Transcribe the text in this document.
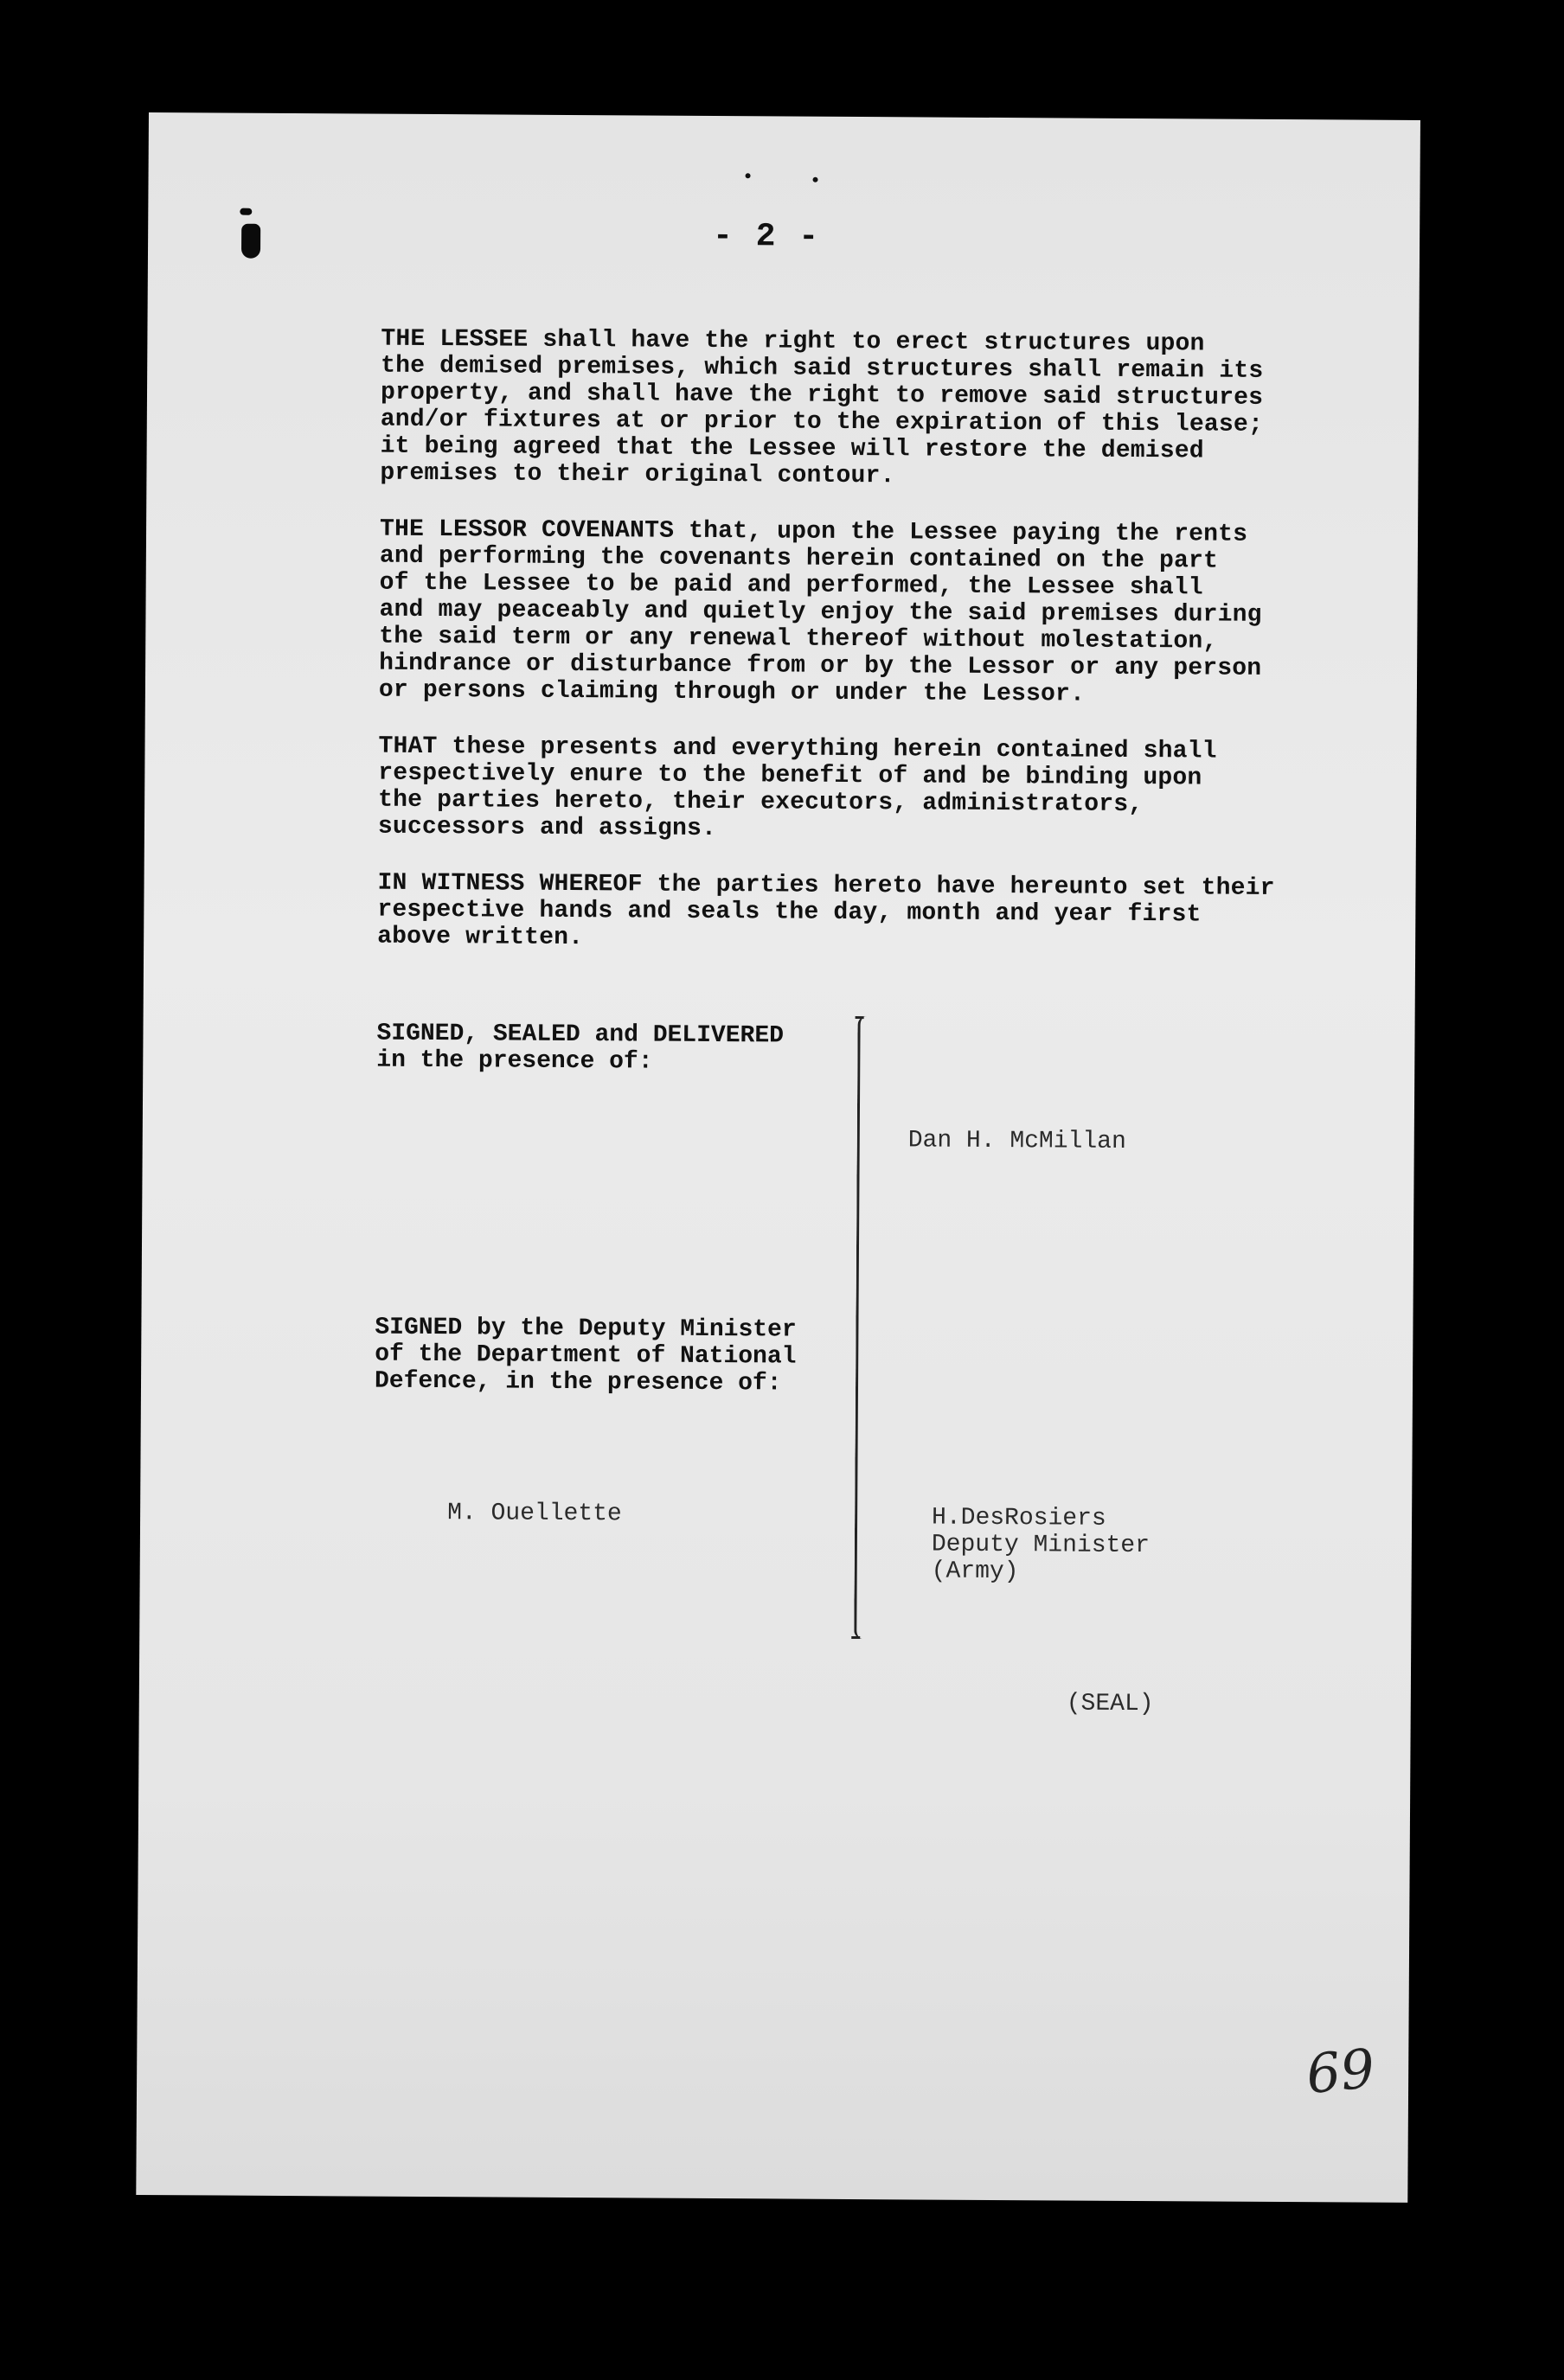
- 2 -

THE LESSEE shall have the right to erect structures upon
the demised premises, which said structures shall remain its
property, and shall have the right to remove said structures
and/or fixtures at or prior to the expiration of this lease;
it being agreed that the Lessee will restore the demised
premises to their original contour.

THE LESSOR COVENANTS that, upon the Lessee paying the rents
and performing the covenants herein contained on the part
of the Lessee to be paid and performed, the Lessee shall
and may peaceably and quietly enjoy the said premises during
the said term or any renewal thereof without molestation,
hindrance or disturbance from or by the Lessor or any person
or persons claiming through or under the Lessor.

THAT these presents and everything herein contained shall
respectively enure to the benefit of and be binding upon
the parties hereto, their executors, administrators,
successors and assigns.

IN WITNESS WHEREOF the parties hereto have hereunto set their
respective hands and seals the day, month and year first
above written.

SIGNED, SEALED and DELIVERED
in the presence of:
Dan H. McMillan
SIGNED by the Deputy Minister
of the Department of National
Defence, in the presence of:
M. Ouellette	H.DesRosiers
Deputy Minister
(Army)
(SEAL)
69
